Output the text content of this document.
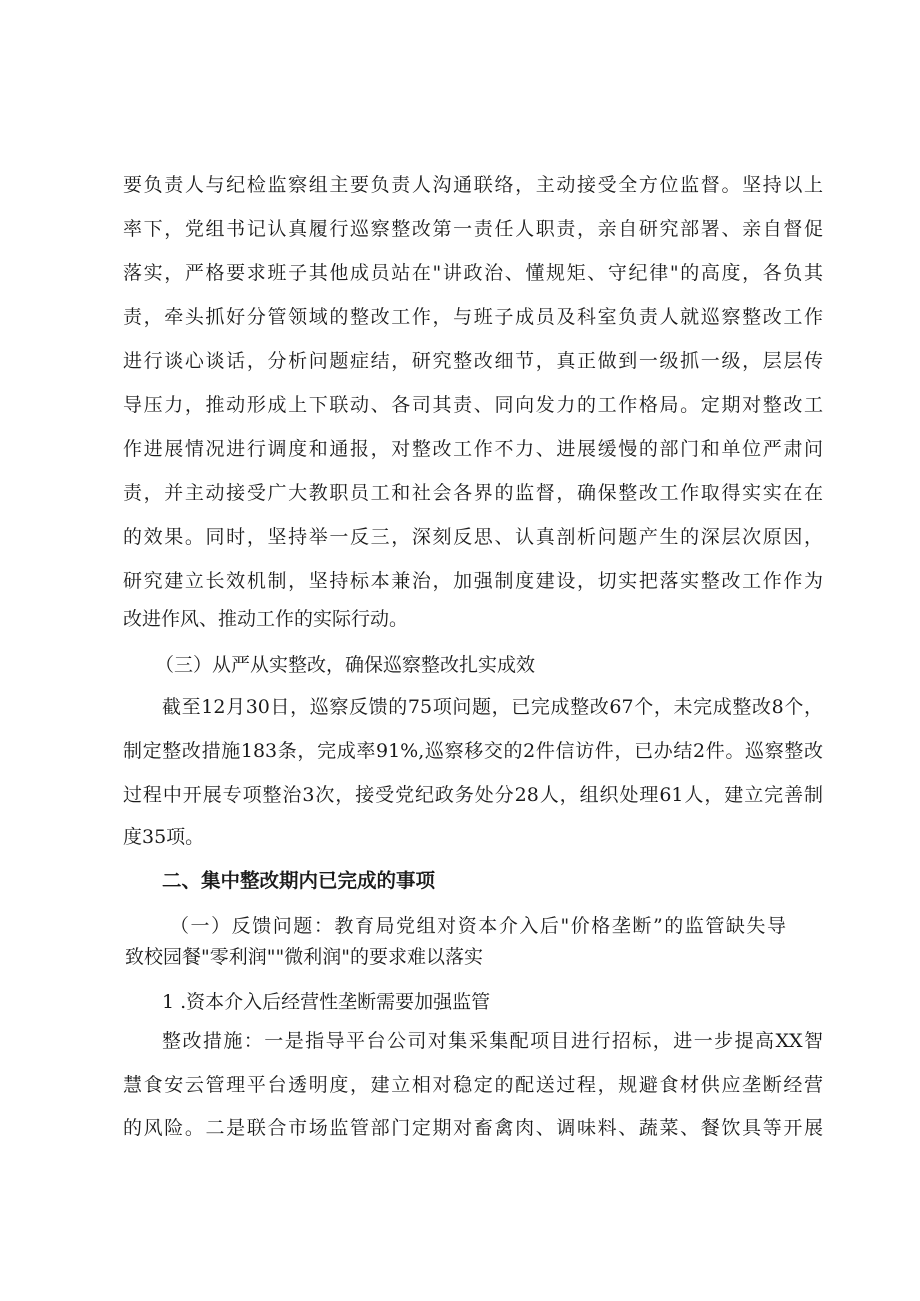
要负责人与纪检监察组主要负责人沟通联络，主动接受全方位监督。坚持以上
率下，党组书记认真履行巡察整改第一责任人职责，亲自研究部署、亲自督促
落实，严格要求班子其他成员站在"讲政治、懂规矩、守纪律"的高度，各负其
责，牵头抓好分管领域的整改工作，与班子成员及科室负责人就巡察整改工作
进行谈心谈话，分析问题症结，研究整改细节，真正做到一级抓一级，层层传
导压力，推动形成上下联动、各司其责、同向发力的工作格局。定期对整改工
作进展情况进行调度和通报，对整改工作不力、进展缓慢的部门和单位严肃问
责，并主动接受广大教职员工和社会各界的监督，确保整改工作取得实实在在
的效果。同时，坚持举一反三，深刻反思、认真剖析问题产生的深层次原因，
研究建立长效机制，坚持标本兼治，加强制度建设，切实把落实整改工作作为
改进作风、推动工作的实际行动。
（三）从严从实整改，确保巡察整改扎实成效
截至12月30日，巡察反馈的75项问题，已完成整改67个，未完成整改8个，
制定整改措施183条，完成率91%,巡察移交的2件信访件，已办结2件。巡察整改
过程中开展专项整治3次，接受党纪政务处分28人，组织处理61人，建立完善制
度35项。
二、集中整改期内已完成的事项
（一）反馈问题：教育局党组对资本介入后"价格垄断”的监管缺失导
致校园餐"零利润""微利润"的要求难以落实
1 .资本介入后经营性垄断需要加强监管
整改措施：一是指导平台公司对集采集配项目进行招标，进一步提高XX智
慧食安云管理平台透明度，建立相对稳定的配送过程，规避食材供应垄断经营
的风险。二是联合市场监管部门定期对畜禽肉、调味料、蔬菜、餐饮具等开展
